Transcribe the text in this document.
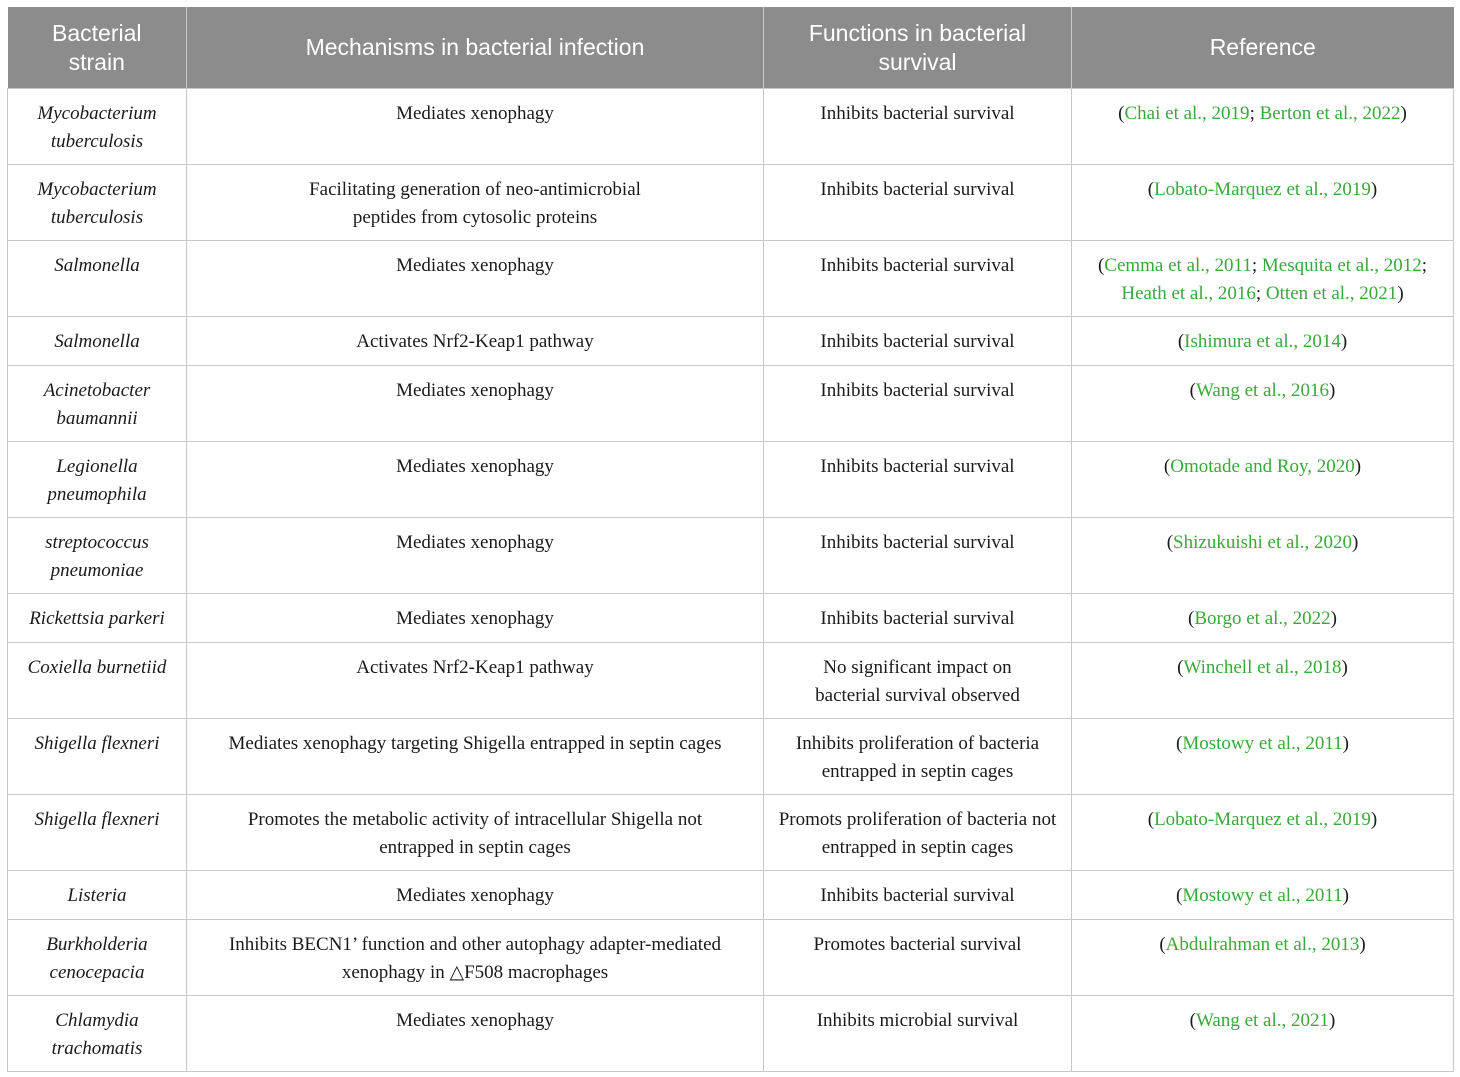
Bacterial strain	Mechanisms in bacterial infection	Functions in bacterial survival	Reference
Mycobacterium tuberculosis	Mediates xenophagy	Inhibits bacterial survival	(Chai et al., 2019; Berton et al., 2022)
Mycobacterium tuberculosis	Facilitating generation of neo-antimicrobial peptides from cytosolic proteins	Inhibits bacterial survival	(Lobato-Marquez et al., 2019)
Salmonella	Mediates xenophagy	Inhibits bacterial survival	(Cemma et al., 2011; Mesquita et al., 2012;
Heath et al., 2016; Otten et al., 2021)
Salmonella	Activates Nrf2-Keap1 pathway	Inhibits bacterial survival	(Ishimura et al., 2014)
Acinetobacter baumannii	Mediates xenophagy	Inhibits bacterial survival	(Wang et al., 2016)
Legionella pneumophila	Mediates xenophagy	Inhibits bacterial survival	(Omotade and Roy, 2020)
streptococcus pneumoniae	Mediates xenophagy	Inhibits bacterial survival	(Shizukuishi et al., 2020)
Rickettsia parkeri	Mediates xenophagy	Inhibits bacterial survival	(Borgo et al., 2022)
Coxiella burnetiid	Activates Nrf2-Keap1 pathway	No significant impact on bacterial survival observed	(Winchell et al., 2018)
Shigella flexneri	Mediates xenophagy targeting Shigella entrapped in septin cages	Inhibits proliferation of bacteria entrapped in septin cages	(Mostowy et al., 2011)
Shigella flexneri	Promotes the metabolic activity of intracellular Shigella not entrapped in septin cages	Promots proliferation of bacteria not entrapped in septin cages	(Lobato-Marquez et al., 2019)
Listeria	Mediates xenophagy	Inhibits bacterial survival	(Mostowy et al., 2011)
Burkholderia cenocepacia	Inhibits BECN1’ function and other autophagy adapter-mediated xenophagy in △F508 macrophages	Promotes bacterial survival	(Abdulrahman et al., 2013)
Chlamydia trachomatis	Mediates xenophagy	Inhibits microbial survival	(Wang et al., 2021)
